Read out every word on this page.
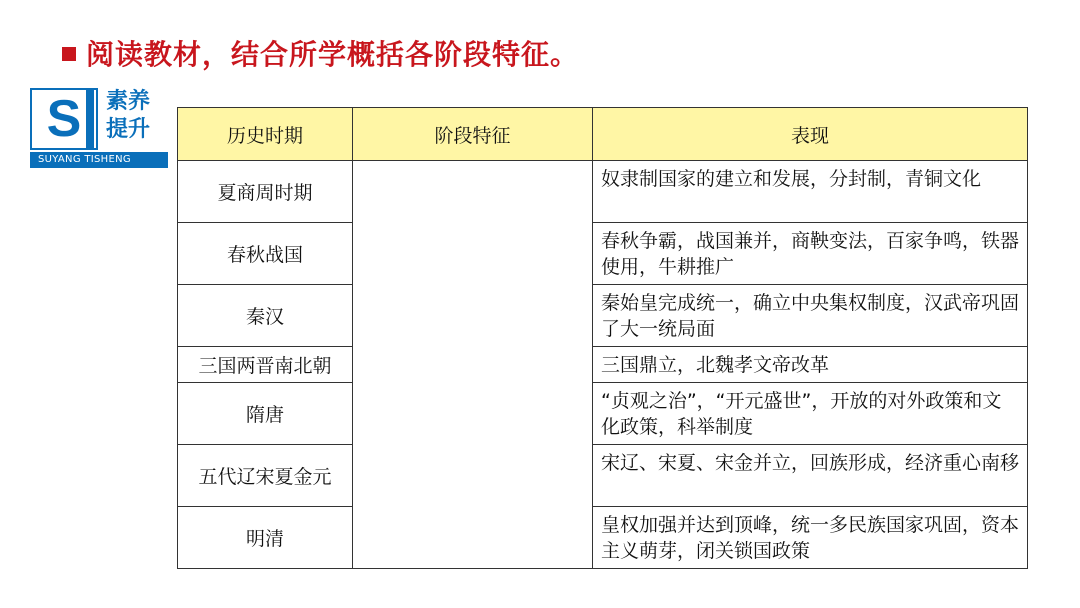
阅读教材，结合所学概括各阶段特征。
S 素养
提升
SUYANG TISHENG
历史时期	阶段特征	表现
夏商周时期		奴隶制国家的建立和发展，分封制，青铜文化
春秋战国		春秋争霸，战国兼并，商鞅变法，百家争鸣，铁器使用，牛耕推广
秦汉		秦始皇完成统一，确立中央集权制度，汉武帝巩固了大一统局面
三国两晋南北朝		三国鼎立，北魏孝文帝改革
隋唐		“贞观之治”，“开元盛世”，开放的对外政策和文化政策，科举制度
五代辽宋夏金元		宋辽、宋夏、宋金并立，回族形成，经济重心南移
明清		皇权加强并达到顶峰，统一多民族国家巩固，资本主义萌芽，闭关锁国政策
